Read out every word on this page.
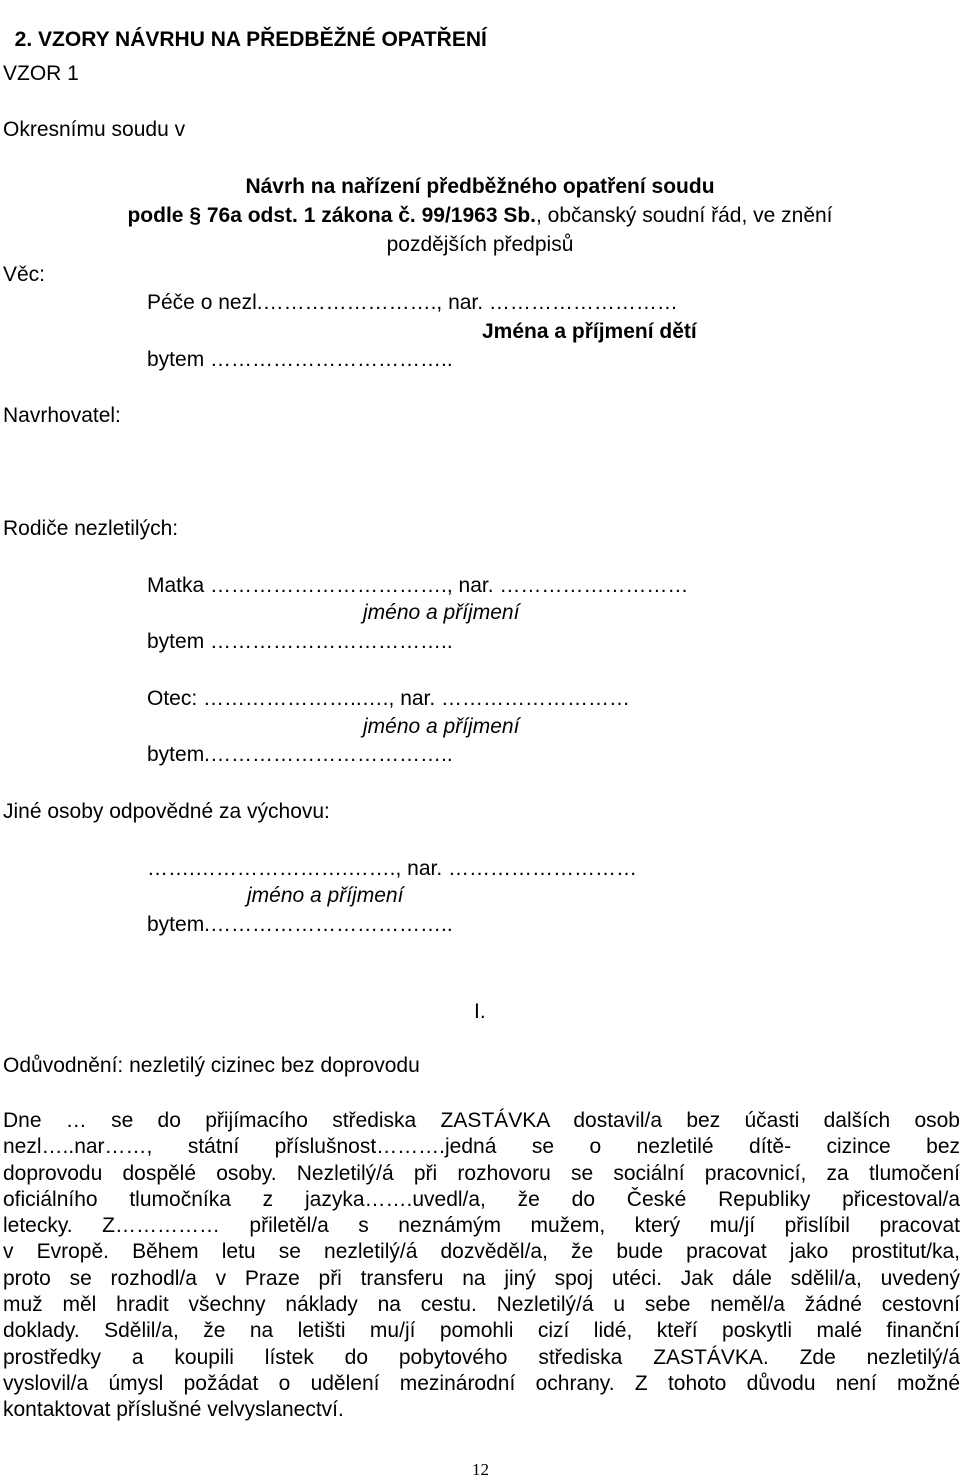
2. VZORY NÁVRHU NA PŘEDBĚŽNÉ OPATŘENÍ

VZOR 1
Okresnímu soudu v
Návrh na nařízení předběžného opatření soudu
podle § 76a odst. 1 zákona č. 99/1963 Sb., občanský soudní řád, ve znění
pozdějších předpisů
Věc:
Péče o nezl.……………………., nar. ………………………
Jména a příjmení dětí
bytem ……………………………..
Navrhovatel:
Rodiče nezletilých:
Matka ……………………………., nar. ………………………
jméno a příjmení
bytem ……………………………..
Otec: …………………..…., nar. ………………………
jméno a příjmení
bytem.……………………………..
Jiné osoby odpovědné za výchovu:
…….………………….……., nar. ………………………
jméno a příjmení
bytem.……………………………..
I.
Odůvodnění: nezletilý cizinec bez doprovodu
Dne … se do přijímacího střediska ZASTÁVKA dostavil/a bez účasti dalších osob
nezl…..nar……, státní příslušnost……….jedná se o nezletilé dítě- cizince bez
doprovodu dospělé osoby. Nezletilý/á při rozhovoru se sociální pracovnicí, za tlumočení
oficiálního tlumočníka z jazyka…….uvedl/a, že do České Republiky přicestoval/a
letecky. Z…………… přiletěl/a s neznámým mužem, který mu/jí přislíbil pracovat
v Evropě. Během letu se nezletilý/á dozvěděl/a, že bude pracovat jako prostitut/ka,
proto se rozhodl/a v Praze při transferu na jiný spoj utéci. Jak dále sdělil/a, uvedený
muž měl hradit všechny náklady na cestu. Nezletilý/á u sebe neměl/a žádné cestovní
doklady. Sdělil/a, že na letišti mu/jí pomohli cizí lidé, kteří poskytli malé finanční
prostředky a koupili lístek do pobytového střediska ZASTÁVKA. Zde nezletilý/á
vyslovil/a úmysl požádat o udělení mezinárodní ochrany. Z tohoto důvodu není možné
kontaktovat příslušné velvyslanectví.
12
